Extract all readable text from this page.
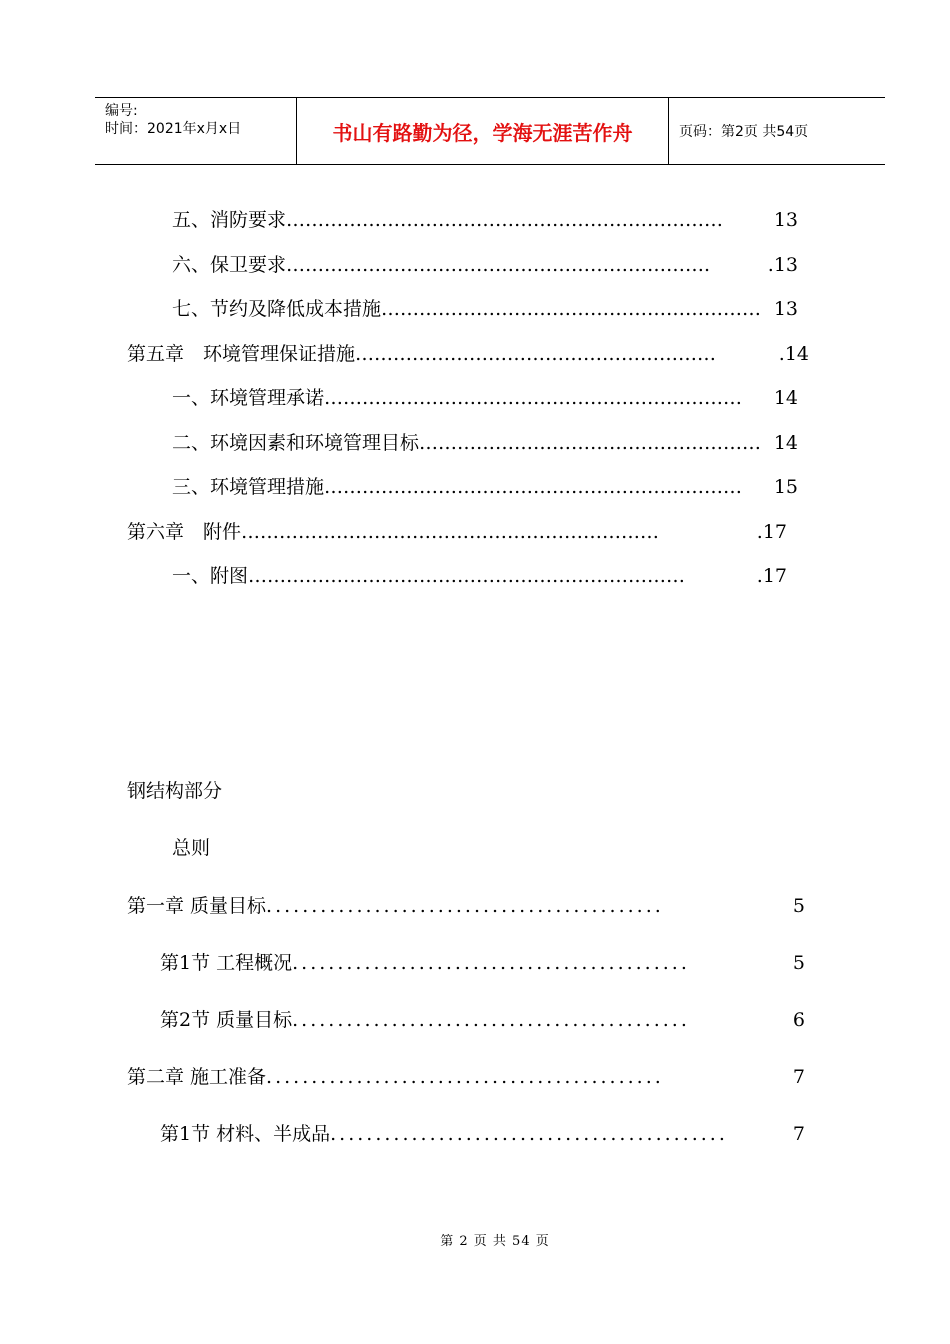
编号:
时间：2021年x月x日	书山有路勤为径，学海无涯苦作舟	页码：第2页 共54页
五、消防要求 ……………………………………………………………	13
六、保卫要求 ………………………………………………………….	.13
七、节约及降低成本措施 …………………………………………………… 13
第五章　环境管理保证措施 …………………………………………………	.14
一、环境管理承诺 …………………………………………………………	14
二、环境因素和环境管理目标 ……………………………………………… 14
三、环境管理措施 …………………………………………………………	15
第六章　附件 …………………………………………………………	.17
一、附图 ……………………………………………………………	.17
钢结构部分
总则
第一章 质量目标 ............................................	5
第1节 工程概况 ............................................	5
第2节 质量目标 ............................................	6
第二章 施工准备 ............................................	7
第1节 材料、半成品 ............................................	7
第 2 页 共 54 页
